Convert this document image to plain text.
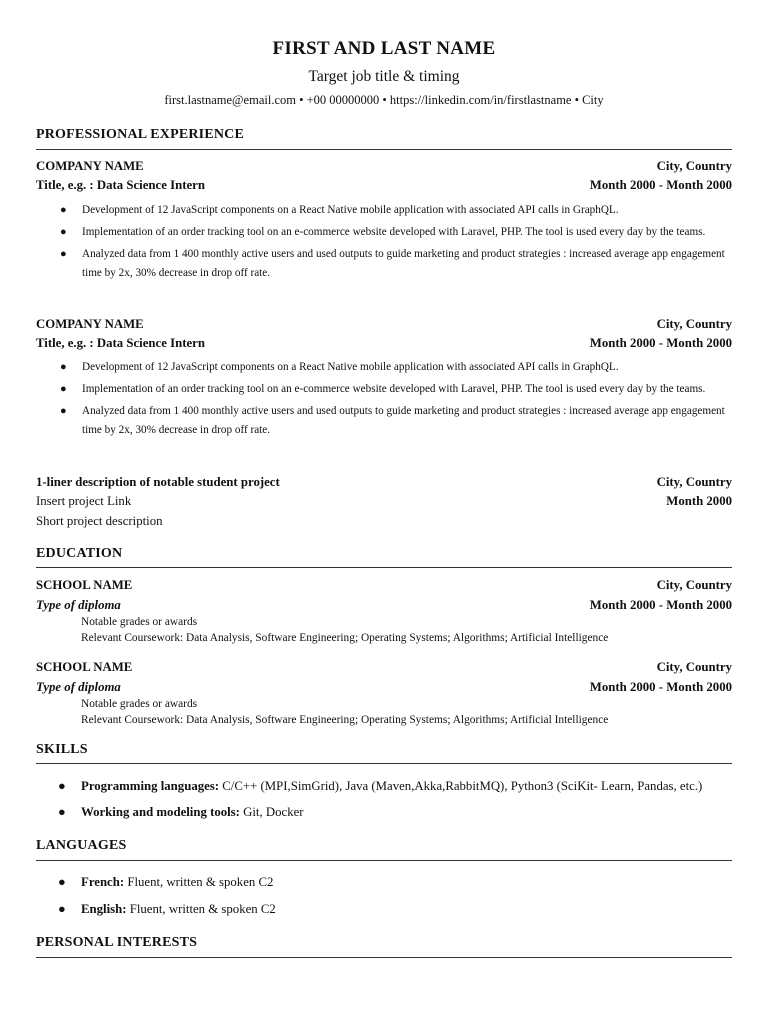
FIRST AND LAST NAME
Target job title & timing
first.lastname@email.com • +00 00000000 • https://linkedin.com/in/firstlastname • City
PROFESSIONAL EXPERIENCE
COMPANY NAME	City, Country
Title, e.g. : Data Science Intern	Month 2000 - Month 2000
● Development of 12 JavaScript components on a React Native mobile application with associated API calls in GraphQL.
● Implementation of an order tracking tool on an e-commerce website developed with Laravel, PHP. The tool is used every day by the teams.
● Analyzed data from 1 400 monthly active users and used outputs to guide marketing and product strategies : increased average app engagement time by 2x, 30% decrease in drop off rate.
COMPANY NAME	City, Country
Title, e.g. : Data Science Intern	Month 2000 - Month 2000
● Development of 12 JavaScript components on a React Native mobile application with associated API calls in GraphQL.
● Implementation of an order tracking tool on an e-commerce website developed with Laravel, PHP. The tool is used every day by the teams.
● Analyzed data from 1 400 monthly active users and used outputs to guide marketing and product strategies : increased average app engagement time by 2x, 30% decrease in drop off rate.
1-liner description of notable student project	City, Country
Insert project Link	Month 2000
Short project description
EDUCATION
SCHOOL NAME	City, Country
Type of diploma	Month 2000 - Month 2000
Notable grades or awards
Relevant Coursework: Data Analysis, Software Engineering; Operating Systems; Algorithms; Artificial Intelligence
SCHOOL NAME	City, Country
Type of diploma	Month 2000 - Month 2000
Notable grades or awards
Relevant Coursework: Data Analysis, Software Engineering; Operating Systems; Algorithms; Artificial Intelligence
SKILLS
● Programming languages: C/C++ (MPI,SimGrid), Java (Maven,Akka,RabbitMQ), Python3 (SciKit- Learn, Pandas, etc.)
● Working and modeling tools: Git, Docker
LANGUAGES
● French: Fluent, written & spoken C2
● English: Fluent, written & spoken C2
PERSONAL INTERESTS
